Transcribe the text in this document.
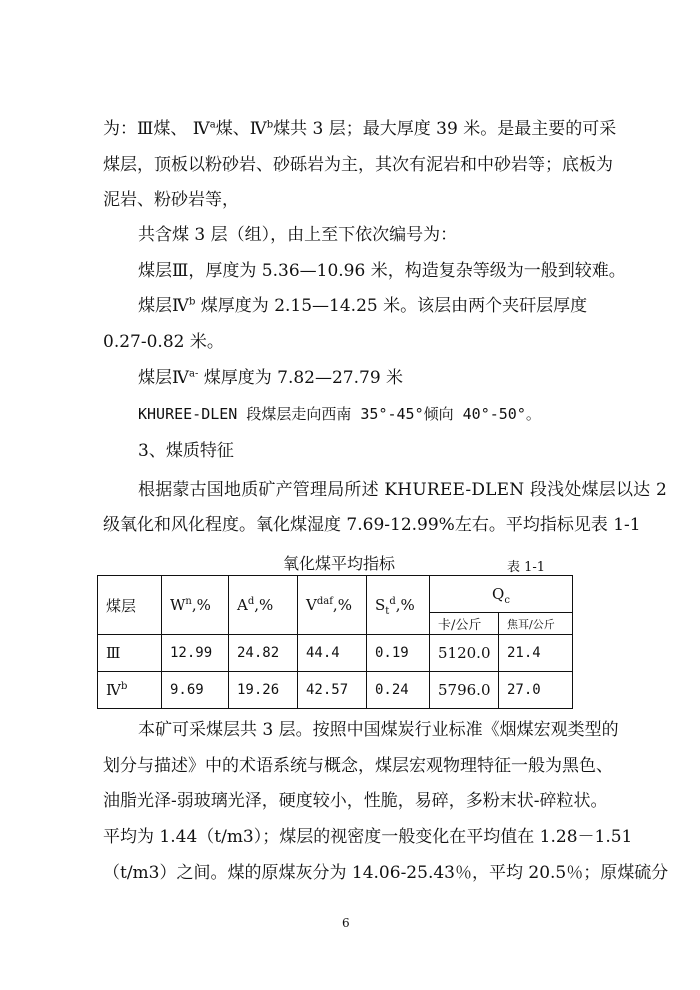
为：Ⅲ煤、 Ⅳ$^a$煤、Ⅳ$^b$煤共 3 层；最大厚度 39 米。是最主要的可采
煤层，顶板以粉砂岩、砂砾岩为主，其次有泥岩和中砂岩等；底板为
泥岩、粉砂岩等，
共含煤 3 层（组），由上至下依次编号为：
煤层Ⅲ，厚度为 5.36—10.96 米，构造复杂等级为一般到较难。
煤层Ⅳ$^b$ 煤厚度为 2.15—14.25 米。该层由两个夹矸层厚度
0.27-0.82 米。
煤层Ⅳ$^{a-}$ 煤厚度为 7.82—27.79 米
KHUREE-DLEN 段煤层走向西南 35°-45°倾向 40°-50°。
3、煤质特征
根据蒙古国地质矿产管理局所述 KHUREE-DLEN 段浅处煤层以达 2
级氧化和风化程度。氧化煤湿度 7.69-12.99%左右。平均指标见表 1-1
氧化煤平均指标	表 1-1
煤层	$W^n,\%$	$A^d,\%$	$V^{daf},\%$	$S_t^d,\%$	$Q_c$
					卡/公斤	焦耳/公斤
Ⅲ	12.99	24.82	44.4	0.19	5120.0	21.4
Ⅳ$^b$	9.69	19.26	42.57	0.24	5796.0	27.0
本矿可采煤层共 3 层。按照中国煤炭行业标准《烟煤宏观类型的
划分与描述》中的术语系统与概念，煤层宏观物理特征一般为黑色、
油脂光泽-弱玻璃光泽，硬度较小，性脆，易碎，多粉末状-碎粒状。
平均为 1.44（t/m3）；煤层的视密度一般变化在平均值在 1.28－1.51
（t/m3）之间。煤的原煤灰分为 14.06-25.43％，平均 20.5％；原煤硫分
6
